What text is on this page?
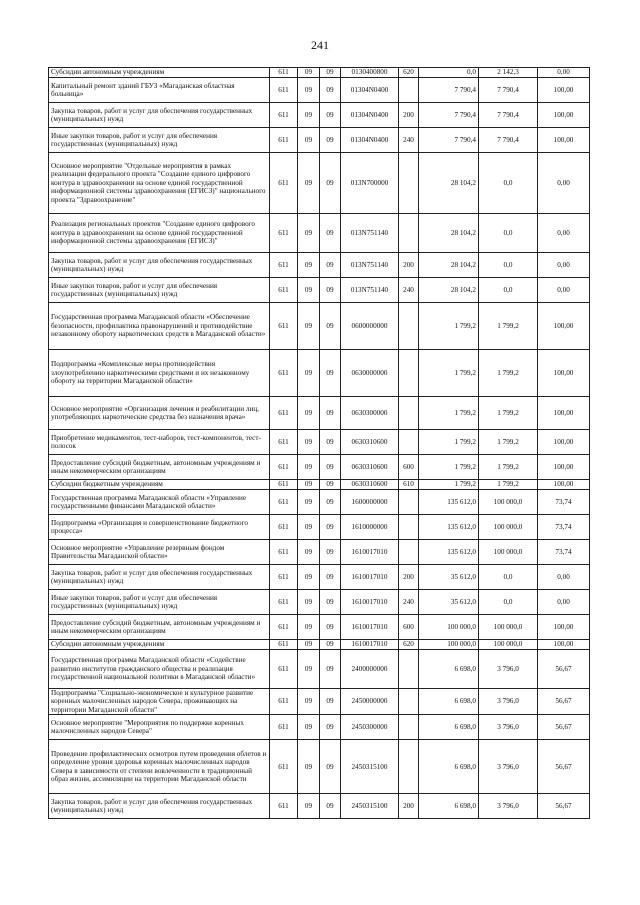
241
Субсидии автономным учреждениям	611	09	09	0130400800	620	0,0	2 142,3	0,00
Капитальный ремонт зданий ГБУЗ «Магаданская областная больница»	611	09	09	01304N0400		7 790,4	7 790,4	100,00
Закупка товаров, работ и услуг для обеспечения государственных (муниципальных) нужд	611	09	09	01304N0400	200	7 790,4	7 790,4	100,00
Иные закупки товаров, работ и услуг для обеспечения государственных (муниципальных) нужд	611	09	09	01304N0400	240	7 790,4	7 790,4	100,00
Основное мероприятие "Отдельные мероприятия в рамках реализации федерального проекта "Создание единого цифрового контура в здравоохранении на основе единой государственной информационной системы здравоохранения (ЕГИСЗ)" национального проекта "Здравоохранение"	611	09	09	013N700000		28 104,2	0,0	0,00
Реализация региональных проектов "Создание единого цифрового контура в здравоохранении на основе единой государственной информационной системы здравоохранения (ЕГИСЗ)"	611	09	09	013N751140		28 104,2	0,0	0,00
Закупка товаров, работ и услуг для обеспечения государственных (муниципальных) нужд	611	09	09	013N751140	200	28 104,2	0,0	0,00
Иные закупки товаров, работ и услуг для обеспечения государственных (муниципальных) нужд	611	09	09	013N751140	240	28 104,2	0,0	0,00
Государственная программа Магаданской области «Обеспечение безопасности, профилактика правонарушений и противодействие незаконному обороту наркотических средств в Магаданской области»	611	09	09	0600000000		1 799,2	1 799,2	100,00
Подпрограмма «Комплексные меры противодействия злоупотреблению наркотическими средствами и их незаконному обороту на территории Магаданской области»	611	09	09	0630000000		1 799,2	1 799,2	100,00
Основное мероприятие «Организация лечения и реабилитации лиц, употребляющих наркотические средства без назначения врача»	611	09	09	0630300000		1 799,2	1 799,2	100,00
Приобретение медикаментов, тест-наборов, тест-компонентов, тест-полосок	611	09	09	0630310600		1 799,2	1 799,2	100,00
Предоставление субсидий бюджетным, автономным учреждениям и иным некоммерческим организациям	611	09	09	0630310600	600	1 799,2	1 799,2	100,00
Субсидии бюджетным учреждениям	611	09	09	0630310600	610	1 799,2	1 799,2	100,00
Государственная программа Магаданской области «Управление государственными финансами Магаданской области»	611	09	09	1600000000		135 612,0	100 000,0	73,74
Подпрограмма «Организация и совершенствование бюджетного процесса»	611	09	09	1610000000		135 612,0	100 000,0	73,74
Основное мероприятие «Управление резервным фондом Правительства Магаданской области»	611	09	09	1610017010		135 612,0	100 000,0	73,74
Закупка товаров, работ и услуг для обеспечения государственных (муниципальных) нужд	611	09	09	1610017010	200	35 612,0	0,0	0,00
Иные закупки товаров, работ и услуг для обеспечения государственных (муниципальных) нужд	611	09	09	1610017010	240	35 612,0	0,0	0,00
Предоставление субсидий бюджетным, автономным учреждениям и иным некоммерческим организациям	611	09	09	1610017010	600	100 000,0	100 000,0	100,00
Субсидии автономным учреждениям	611	09	09	1610017010	620	100 000,0	100 000,0	100,00
Государственная программа Магаданской области «Содействие развитию институтов гражданского общества и реализация государственной национальной политики в Магаданской области»	611	09	09	2400000000		6 698,0	3 796,0	56,67
Подпрограмма "Социально-экономическое и культурное развитие коренных малочисленных народов Севера, проживающих на территории Магаданской области"	611	09	09	2450000000		6 698,0	3 796,0	56,67
Основное мероприятие "Мероприятия по поддержке коренных малочисленных народов Севера"	611	09	09	2450300000		6 698,0	3 796,0	56,67
Проведение профилактических осмотров путем проведения облетов и определение уровня здоровья коренных малочисленных народов Севера в зависимости от степени вовлеченности в традиционный образ жизни, ассимиляции на территории Магаданской области	611	09	09	2450315100		6 698,0	3 796,0	56,67
Закупка товаров, работ и услуг для обеспечения государственных (муниципальных) нужд	611	09	09	2450315100	200	6 698,0	3 796,0	56,67
